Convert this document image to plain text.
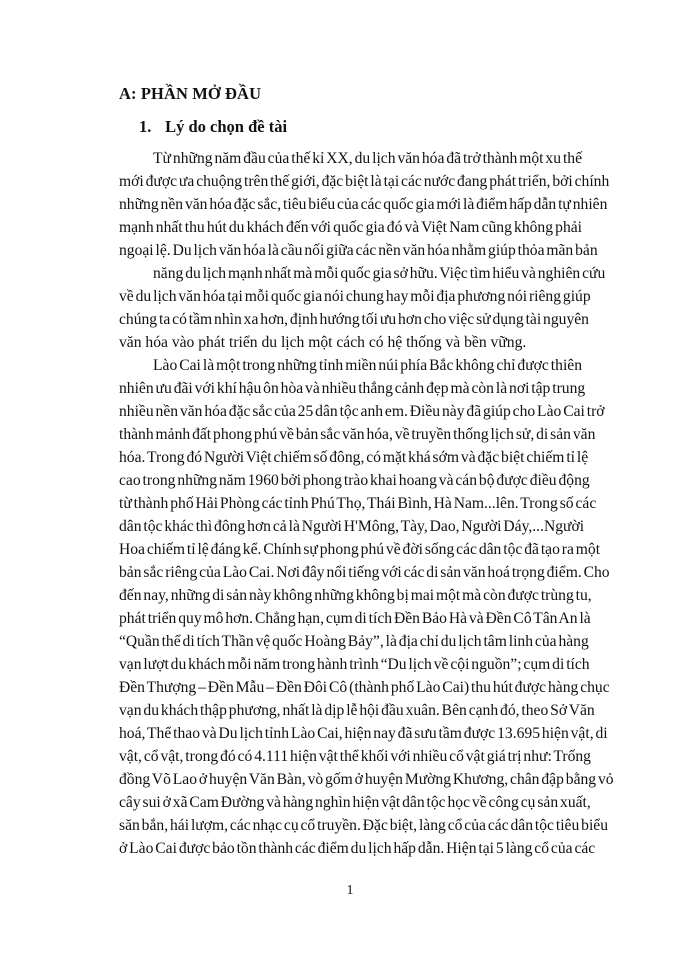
A: PHẦN MỞ ĐẦU
1. Lý do chọn đề tài
Từ những năm đầu của thế kỉ XX, du lịch văn hóa đã trở thành một xu thế
mới được ưa chuộng trên thế giới, đặc biệt là tại các nước đang phát triển, bởi chính
những nền văn hóa đặc sắc, tiêu biểu của các quốc gia mới là điểm hấp dẫn tự nhiên
mạnh nhất thu hút du khách đến với quốc gia đó và Việt Nam cũng không phải
ngoại lệ. Du lịch văn hóa là cầu nối giữa các nền văn hóa nhằm giúp thỏa mãn bản
năng du lịch mạnh nhất mà mỗi quốc gia sở hữu. Việc tìm hiểu và nghiên cứu
về du lịch văn hóa tại mỗi quốc gia nói chung hay mỗi địa phương nói riêng giúp
chúng ta có tầm nhìn xa hơn, định hướng tối ưu hơn cho việc sử dụng tài nguyên
văn hóa vào phát triển du lịch một cách có hệ thống và bền vững.
Lào Cai là một trong những tỉnh miền núi phía Bắc không chỉ được thiên
nhiên ưu đãi với khí hậu ôn hòa và nhiều thắng cảnh đẹp mà còn là nơi tập trung
nhiều nền văn hóa đặc sắc của 25 dân tộc anh em. Điều này đã giúp cho Lào Cai trở
thành mảnh đất phong phú về bản sắc văn hóa, về truyền thống lịch sử, di sản văn
hóa. Trong đó Người Việt chiếm số đông, có mặt khá sớm và đặc biệt chiếm tỉ lệ
cao trong những năm 1960 bởi phong trào khai hoang và cán bộ được điều động
từ thành phố Hải Phòng các tỉnh Phú Thọ, Thái Bình, Hà Nam...lên. Trong số các
dân tộc khác thì đông hơn cả là Người H'Mông, Tày, Dao, Người Dáy,...Người
Hoa chiếm tỉ lệ đáng kể. Chính sự phong phú về đời sống các dân tộc đã tạo ra một
bản sắc riêng của Lào Cai. Nơi đây nổi tiếng với các di sản văn hoá trọng điểm. Cho
đến nay, những di sản này không những không bị mai một mà còn được trùng tu,
phát triển quy mô hơn. Chẳng hạn, cụm di tích Đền Bảo Hà và Đền Cô Tân An là
“Quần thể di tích Thần vệ quốc Hoàng Bảy”, là địa chỉ du lịch tâm linh của hàng
vạn lượt du khách mỗi năm trong hành trình “Du lịch về cội nguồn”; cụm di tích
Đền Thượng – Đền Mẫu – Đền Đôi Cô (thành phố Lào Cai) thu hút được hàng chục
vạn du khách thập phương, nhất là dịp lễ hội đầu xuân. Bên cạnh đó, theo Sở Văn
hoá, Thể thao và Du lịch tỉnh Lào Cai, hiện nay đã sưu tầm được 13.695 hiện vật, di
vật, cổ vật, trong đó có 4.111 hiện vật thể khối với nhiều cổ vật giá trị như: Trống
đồng Võ Lao ở huyện Văn Bàn, vò gốm ở huyện Mường Khương, chân đập bằng vỏ
cây sui ở xã Cam Đường và hàng nghìn hiện vật dân tộc học về công cụ sản xuất,
săn bắn, hái lượm, các nhạc cụ cổ truyền. Đặc biệt, làng cổ của các dân tộc tiêu biểu
ở Lào Cai được bảo tồn thành các điểm du lịch hấp dẫn. Hiện tại 5 làng cổ của các
1
